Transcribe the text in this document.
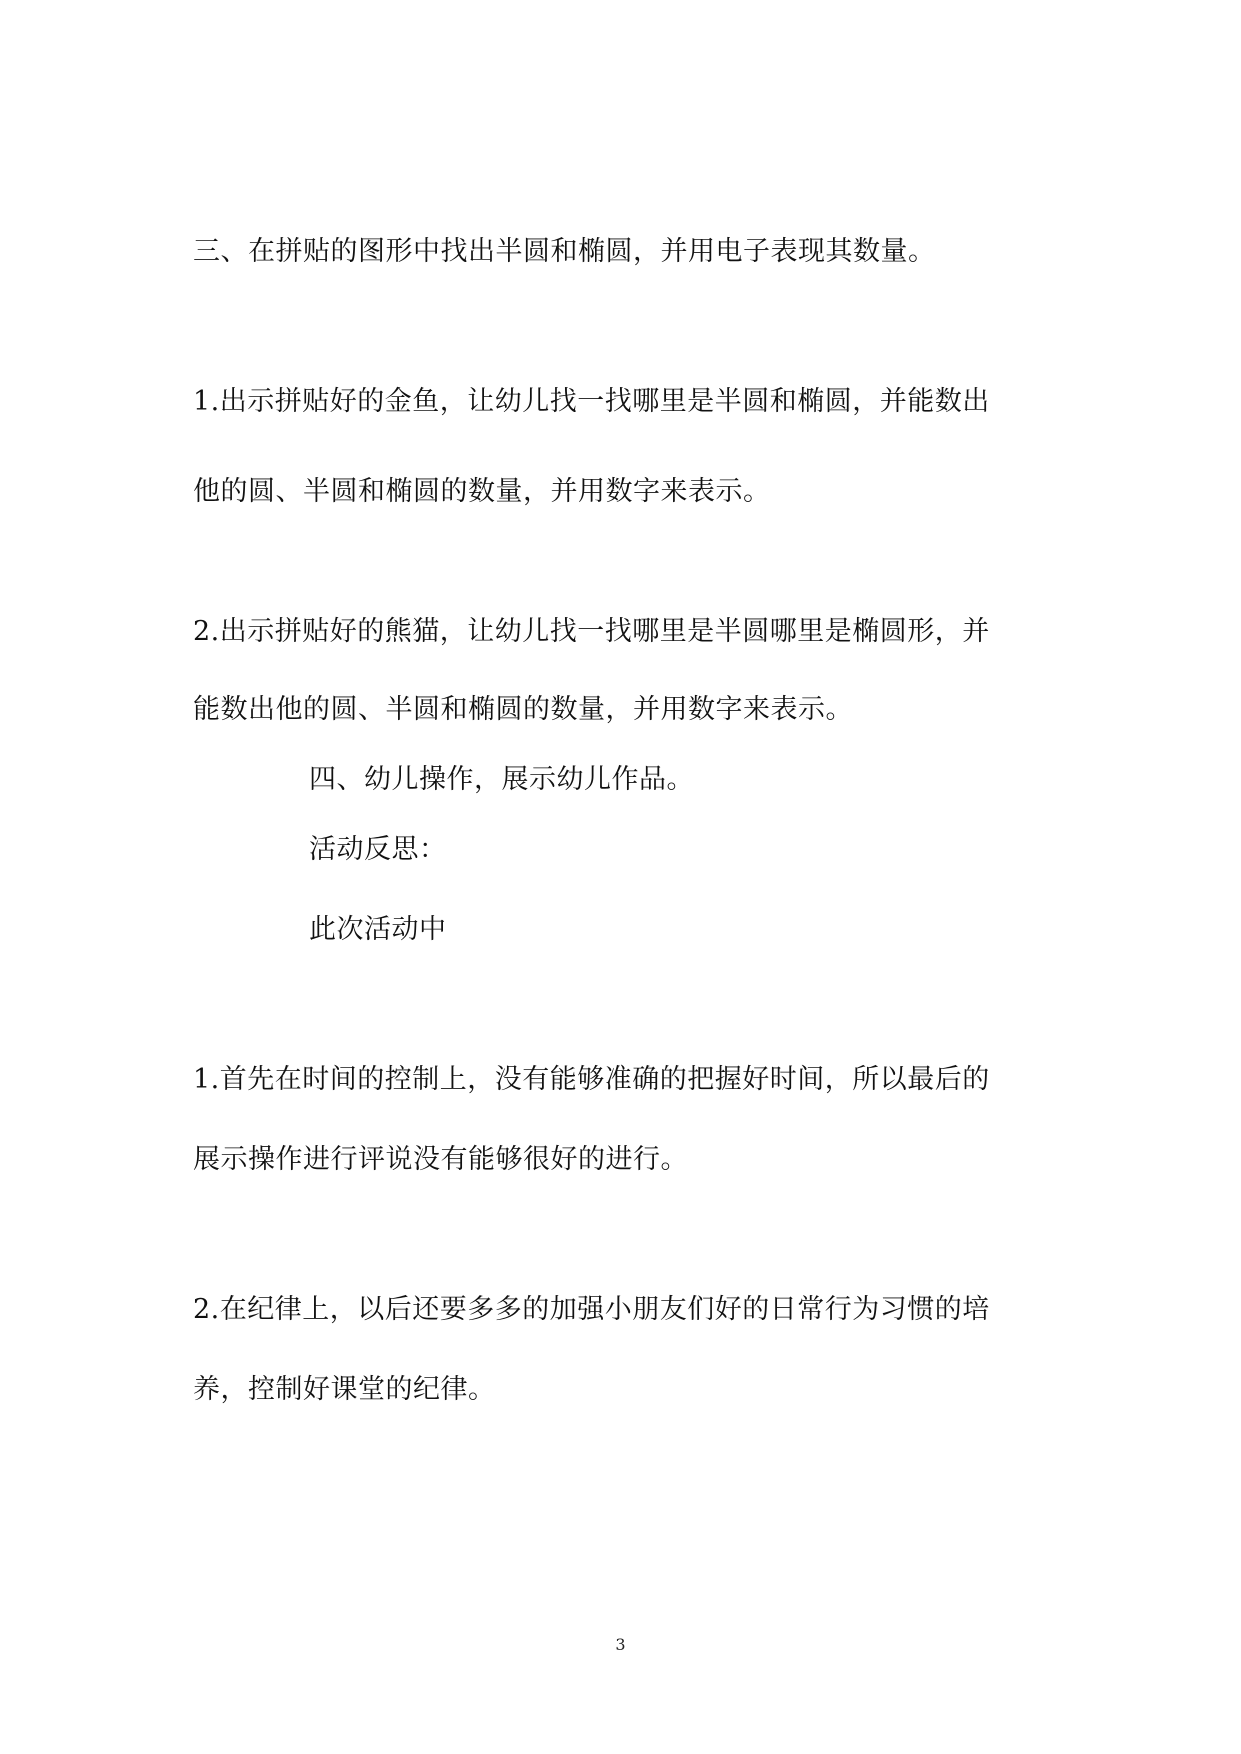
三、在拼贴的图形中找出半圆和椭圆，并用电子表现其数量。
1.出示拼贴好的金鱼，让幼儿找一找哪里是半圆和椭圆，并能数出
他的圆、半圆和椭圆的数量，并用数字来表示。
2.出示拼贴好的熊猫，让幼儿找一找哪里是半圆哪里是椭圆形，并
能数出他的圆、半圆和椭圆的数量，并用数字来表示。
四、幼儿操作，展示幼儿作品。
活动反思：
此次活动中
1.首先在时间的控制上，没有能够准确的把握好时间，所以最后的
展示操作进行评说没有能够很好的进行。
2.在纪律上，以后还要多多的加强小朋友们好的日常行为习惯的培
养，控制好课堂的纪律。
3
